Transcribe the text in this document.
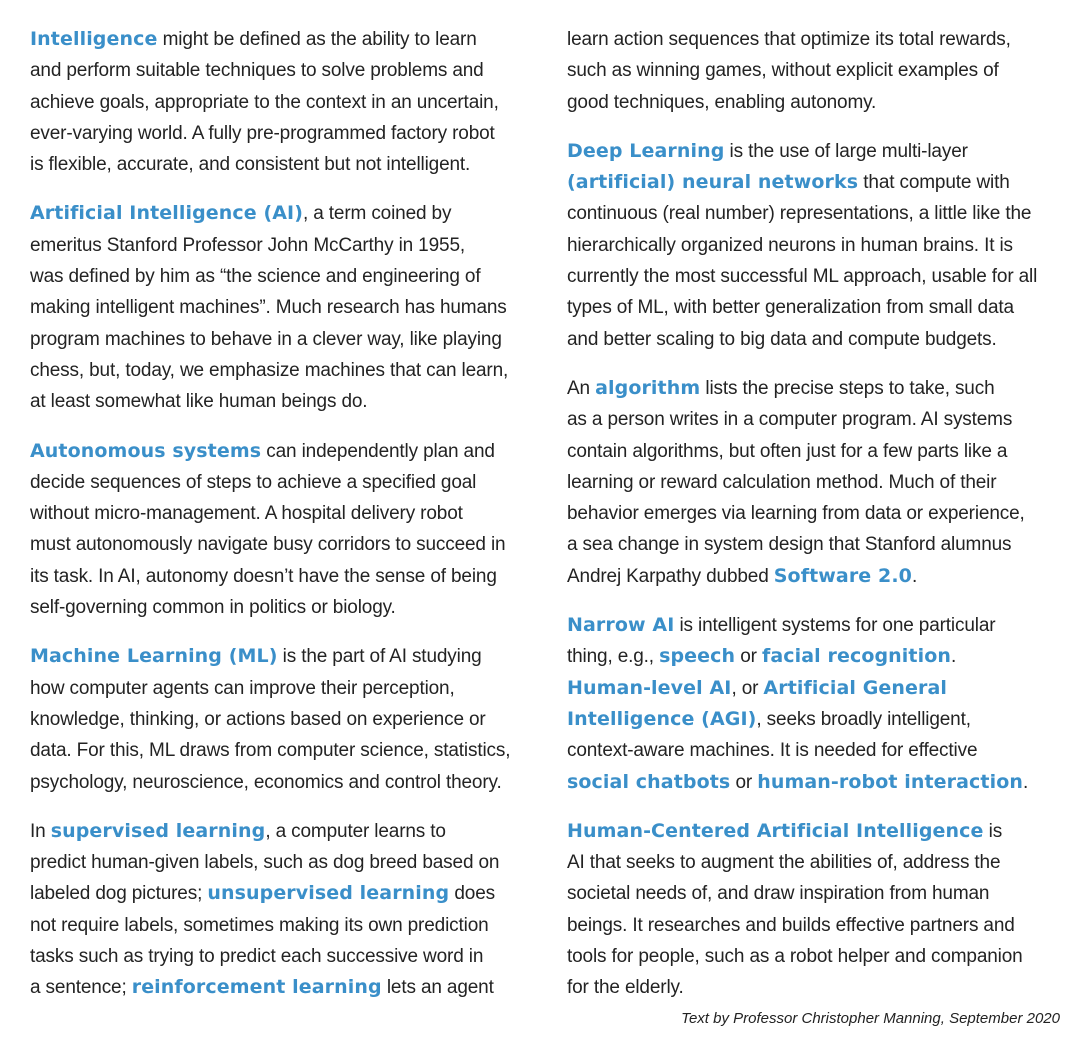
Intelligence might be defined as the ability to learn
and perform suitable techniques to solve problems and
achieve goals, appropriate to the context in an uncertain,
ever-varying world. A fully pre-programmed factory robot
is flexible, accurate, and consistent but not intelligent.

Artificial Intelligence (AI), a term coined by
emeritus Stanford Professor John McCarthy in 1955,
was defined by him as “the science and engineering of
making intelligent machines”. Much research has humans
program machines to behave in a clever way, like playing
chess, but, today, we emphasize machines that can learn,
at least somewhat like human beings do.

Autonomous systems can independently plan and
decide sequences of steps to achieve a specified goal
without micro-management. A hospital delivery robot
must autonomously navigate busy corridors to succeed in
its task. In AI, autonomy doesn’t have the sense of being
self-governing common in politics or biology.

Machine Learning (ML) is the part of AI studying
how computer agents can improve their perception,
knowledge, thinking, or actions based on experience or
data. For this, ML draws from computer science, statistics,
psychology, neuroscience, economics and control theory.

In supervised learning, a computer learns to
predict human-given labels, such as dog breed based on
labeled dog pictures; unsupervised learning does
not require labels, sometimes making its own prediction
tasks such as trying to predict each successive word in
a sentence; reinforcement learning lets an agent

learn action sequences that optimize its total rewards,
such as winning games, without explicit examples of
good techniques, enabling autonomy.

Deep Learning is the use of large multi-layer
(artificial) neural networks that compute with
continuous (real number) representations, a little like the
hierarchically organized neurons in human brains. It is
currently the most successful ML approach, usable for all
types of ML, with better generalization from small data
and better scaling to big data and compute budgets.

An algorithm lists the precise steps to take, such
as a person writes in a computer program. AI systems
contain algorithms, but often just for a few parts like a
learning or reward calculation method. Much of their
behavior emerges via learning from data or experience,
a sea change in system design that Stanford alumnus
Andrej Karpathy dubbed Software 2.0.

Narrow AI is intelligent systems for one particular
thing, e.g., speech or facial recognition.
Human-level AI, or Artificial General
Intelligence (AGI), seeks broadly intelligent,
context-aware machines. It is needed for effective
social chatbots or human-robot interaction.

Human-Centered Artificial Intelligence is
AI that seeks to augment the abilities of, address the
societal needs of, and draw inspiration from human
beings. It researches and builds effective partners and
tools for people, such as a robot helper and companion
for the elderly.

Text by Professor Christopher Manning, September 2020
